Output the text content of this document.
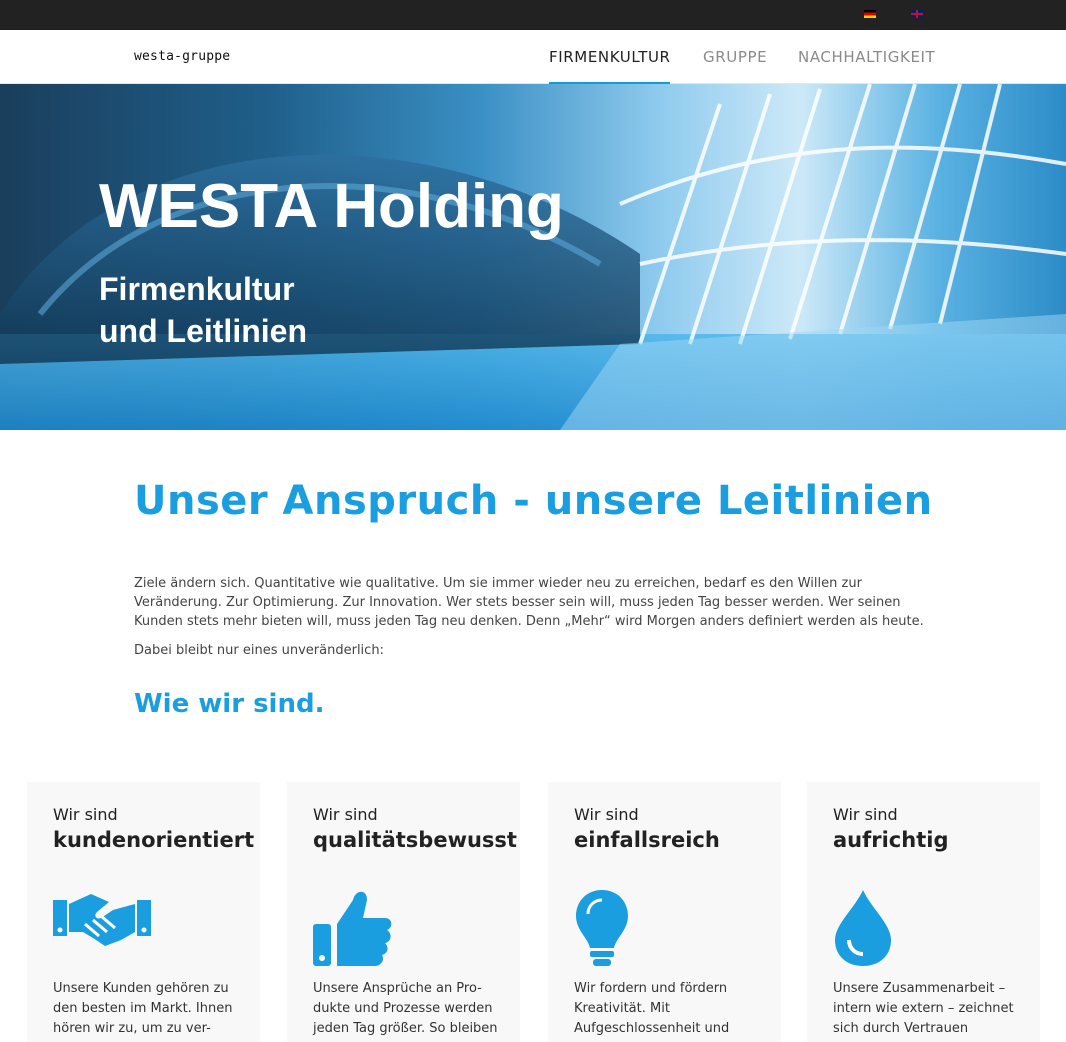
westa-gruppe	FIRMENKULTUR GRUPPE NACHHALTIGKEIT
WESTA Holding
Firmenkultur
und Leitlinien
Unser Anspruch - unsere Leitlinien

Ziele ändern sich. Quantitative wie qualitative. Um sie immer wieder neu zu erreichen, bedarf es den Willen zur Veränderung. Zur Optimierung. Zur Innovation. Wer stets besser sein will, muss jeden Tag besser werden. Wer seinen Kunden stets mehr bieten will, muss jeden Tag neu denken. Denn „Mehr“ wird Morgen anders definiert werden als heute.

Dabei bleibt nur eines unveränderlich:

Wie wir sind.
Wir sind
kundenorientiert
Unsere Kunden gehören zu den besten im Markt. Ihnen hören wir zu, um zu ver-
Wir sind
qualitätsbewusst
Unsere Ansprüche an Pro-dukte und Prozesse werden jeden Tag größer. So bleiben
Wir sind
einfallsreich
Wir fordern und fördern Kreativität. Mit Aufgeschlossenheit und
Wir sind
aufrichtig
Unsere Zusammenarbeit – intern wie extern – zeichnet sich durch Vertrauen
